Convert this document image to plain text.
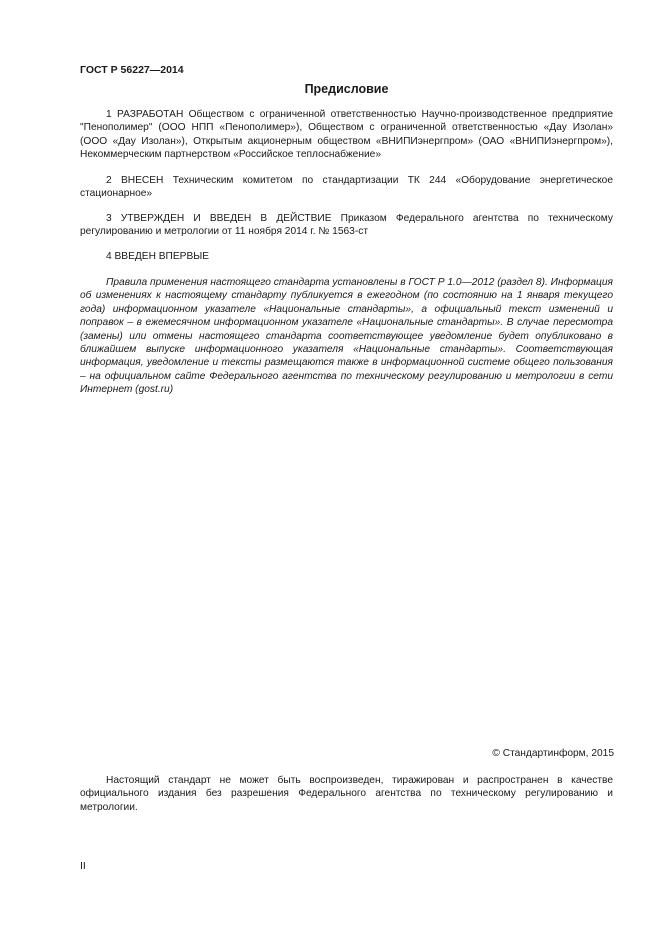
ГОСТ Р 56227—2014
Предисловие
1 РАЗРАБОТАН Обществом с ограниченной ответственностью Научно-производственное предприятие "Пенополимер" (ООО НПП «Пенополимер»), Обществом с ограниченной ответственностью «Дау Изолан» (ООО «Дау Изолан»), Открытым акционерным обществом «ВНИПИэнергпром» (ОАО «ВНИПИэнергпром»), Некоммерческим партнерством «Российское теплоснабжение»
2 ВНЕСЕН Техническим комитетом по стандартизации ТК 244 «Оборудование энергетическое стационарное»
3 УТВЕРЖДЕН И ВВЕДЕН В ДЕЙСТВИЕ Приказом Федерального агентства по техническому регулированию и метрологии от 11 ноября 2014 г. № 1563-ст
4 ВВЕДЕН ВПЕРВЫЕ
Правила применения настоящего стандарта установлены в ГОСТ Р 1.0—2012 (раздел 8). Информация об изменениях к настоящему стандарту публикуется в ежегодном (по состоянию на 1 января текущего года) информационном указателе «Национальные стандарты», а официальный текст изменений и поправок – в ежемесячном информационном указателе «Национальные стандарты». В случае пересмотра (замены) или отмены настоящего стандарта соответствующее уведомление будет опубликовано в ближайшем выпуске информационного указателя «Национальные стандарты». Соответствующая информация, уведомление и тексты размещаются также в информационной системе общего пользования – на официальном сайте Федерального агентства по техническому регулированию и метрологии в сети Интернет (gost.ru)
© Стандартинформ, 2015
Настоящий стандарт не может быть воспроизведен, тиражирован и распространен в качестве официального издания без разрешения Федерального агентства по техническому регулированию и метрологии.
II
